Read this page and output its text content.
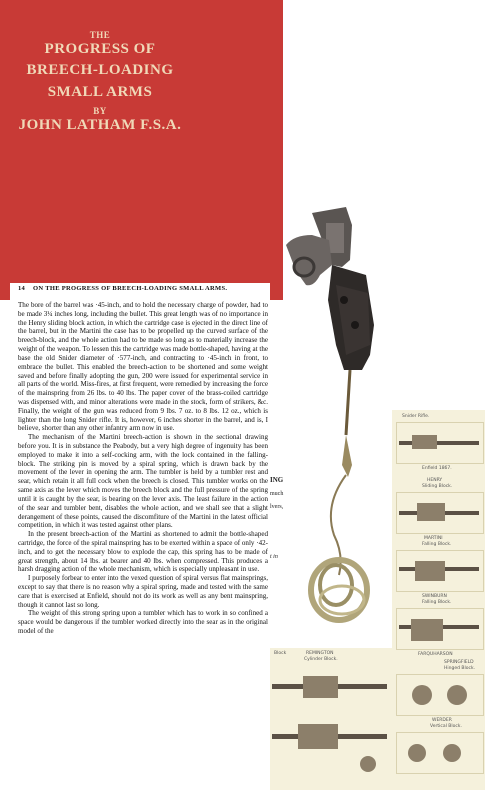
THE
PROGRESS OF
BREECH-LOADING
SMALL ARMS
BY
JOHN LATHAM F.S.A.
Snider Rifle.
Enfield 1867.
HENRY
Sliding Block.
MARTINI
Falling Block.
SWINBURN
Falling Block.
FARQUHARSON
SPRINGFIELD
Hinged Block.
WERDER
Vertical Block.
Block	REMINGTON
Cylinder Block.
ING
much
lvers,
t in
14 ON THE PROGRESS OF BREECH-LOADING SMALL ARMS.

The bore of the barrel was ·45-inch, and to hold the necessary charge of powder, had to be made 3¼ inches long, including the bullet. This great length was of no importance in the Henry sliding block action, in which the cartridge case is ejected in the direct line of the barrel, but in the Martini the case has to be propelled up the curved surface of the breech-block, and the whole action had to be made so long as to materially increase the weight of the weapon. To lessen this the cartridge was made bottle-shaped, having at the base the old Snider diameter of ·577-inch, and contracting to ·45-inch in front, to embrace the bullet. This enabled the breech-action to be shortened and some weight saved and before finally adopting the gun, 200 were issued for experimental service in all parts of the world. Miss-fires, at first frequent, were remedied by increasing the force of the mainspring from 26 lbs. to 40 lbs. The paper cover of the brass-coiled cartridge was dispensed with, and minor alterations were made in the stock, form of strikers, &c. Finally, the weight of the gun was reduced from 9 lbs. 7 oz. to 8 lbs. 12 oz., which is lighter than the long Snider rifle. It is, however, 6 inches shorter in the barrel, and is, I believe, shorter than any other infantry arm now in use.

The mechanism of the Martini breech-action is shown in the sectional drawing before you. It is in substance the Peabody, but a very high degree of ingenuity has been employed to make it into a self-cocking arm, with the lock contained in the falling-block. The striking pin is moved by a spiral spring, which is drawn back by the movement of the lever in opening the arm. The tumbler is held by a tumbler rest and sear, which retain it all full cock when the breech is closed. This tumbler works on the same axis as the lever which moves the breech block and the full pressure of the spring until it is caught by the sear, is bearing on the lever axis. The least failure in the action of the sear and tumbler bent, disables the whole action, and we shall see that a slight derangement of these points, caused the discomfiture of the Martini in the latest official competition, in which it was tested against other plans.

In the present breech-action of the Martini as shortened to admit the bottle-shaped cartridge, the force of the spiral mainspring has to be exerted within a space of only ·42-inch, and to get the necessary blow to explode the cap, this spring has to be made of great strength, about 14 lbs. at bearer and 40 lbs. when compressed. This produces a harsh dragging action of the whole mechanism, which is especially unpleasant in use.

I purposely forbear to enter into the vexed question of spiral versus flat mainsprings, except to say that there is no reason why a spiral spring, made and tested with the same care that is exercised at Enfield, should not do its work as well as any bent mainspring, though it cannot last so long.

The weight of this strong spring upon a tumbler which has to work in so confined a space would be dangerous if the tumbler worked directly into the sear as in the original model of the
